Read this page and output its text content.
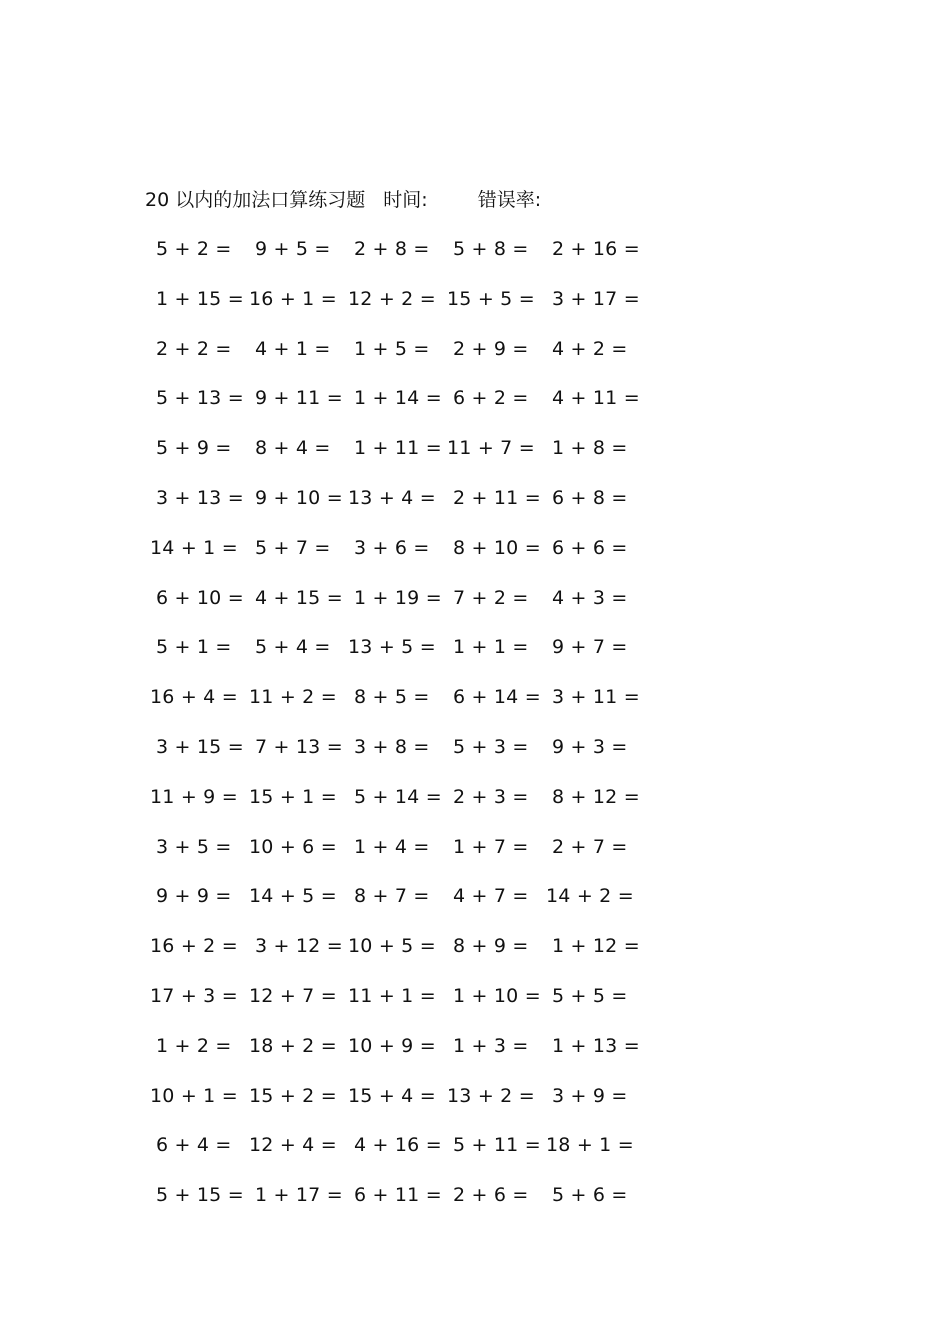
20 以内的加法口算练习题 时间:	错误率:
5 + 2 = 9 + 5 = 2 + 8 = 5 + 8 = 2 + 16 =
1 + 15 = 16 + 1 = 12 + 2 = 15 + 5 = 3 + 17 =
2 + 2 = 4 + 1 = 1 + 5 = 2 + 9 = 4 + 2 =
5 + 13 = 9 + 11 = 1 + 14 = 6 + 2 = 4 + 11 =
5 + 9 = 8 + 4 = 1 + 11 = 11 + 7 = 1 + 8 =
3 + 13 = 9 + 10 = 13 + 4 = 2 + 11 = 6 + 8 =
14 + 1 = 5 + 7 = 3 + 6 = 8 + 10 = 6 + 6 =
6 + 10 = 4 + 15 = 1 + 19 = 7 + 2 = 4 + 3 =
5 + 1 = 5 + 4 = 13 + 5 = 1 + 1 = 9 + 7 =
16 + 4 = 11 + 2 = 8 + 5 = 6 + 14 = 3 + 11 =
3 + 15 = 7 + 13 = 3 + 8 = 5 + 3 = 9 + 3 =
11 + 9 = 15 + 1 = 5 + 14 = 2 + 3 = 8 + 12 =
3 + 5 = 10 + 6 = 1 + 4 = 1 + 7 = 2 + 7 =
9 + 9 = 14 + 5 = 8 + 7 = 4 + 7 = 14 + 2 =
16 + 2 = 3 + 12 = 10 + 5 = 8 + 9 = 1 + 12 =
17 + 3 = 12 + 7 = 11 + 1 = 1 + 10 = 5 + 5 =
1 + 2 = 18 + 2 = 10 + 9 = 1 + 3 = 1 + 13 =
10 + 1 = 15 + 2 = 15 + 4 = 13 + 2 = 3 + 9 =
6 + 4 = 12 + 4 = 4 + 16 = 5 + 11 = 18 + 1 =
5 + 15 = 1 + 17 = 6 + 11 = 2 + 6 = 5 + 6 =
